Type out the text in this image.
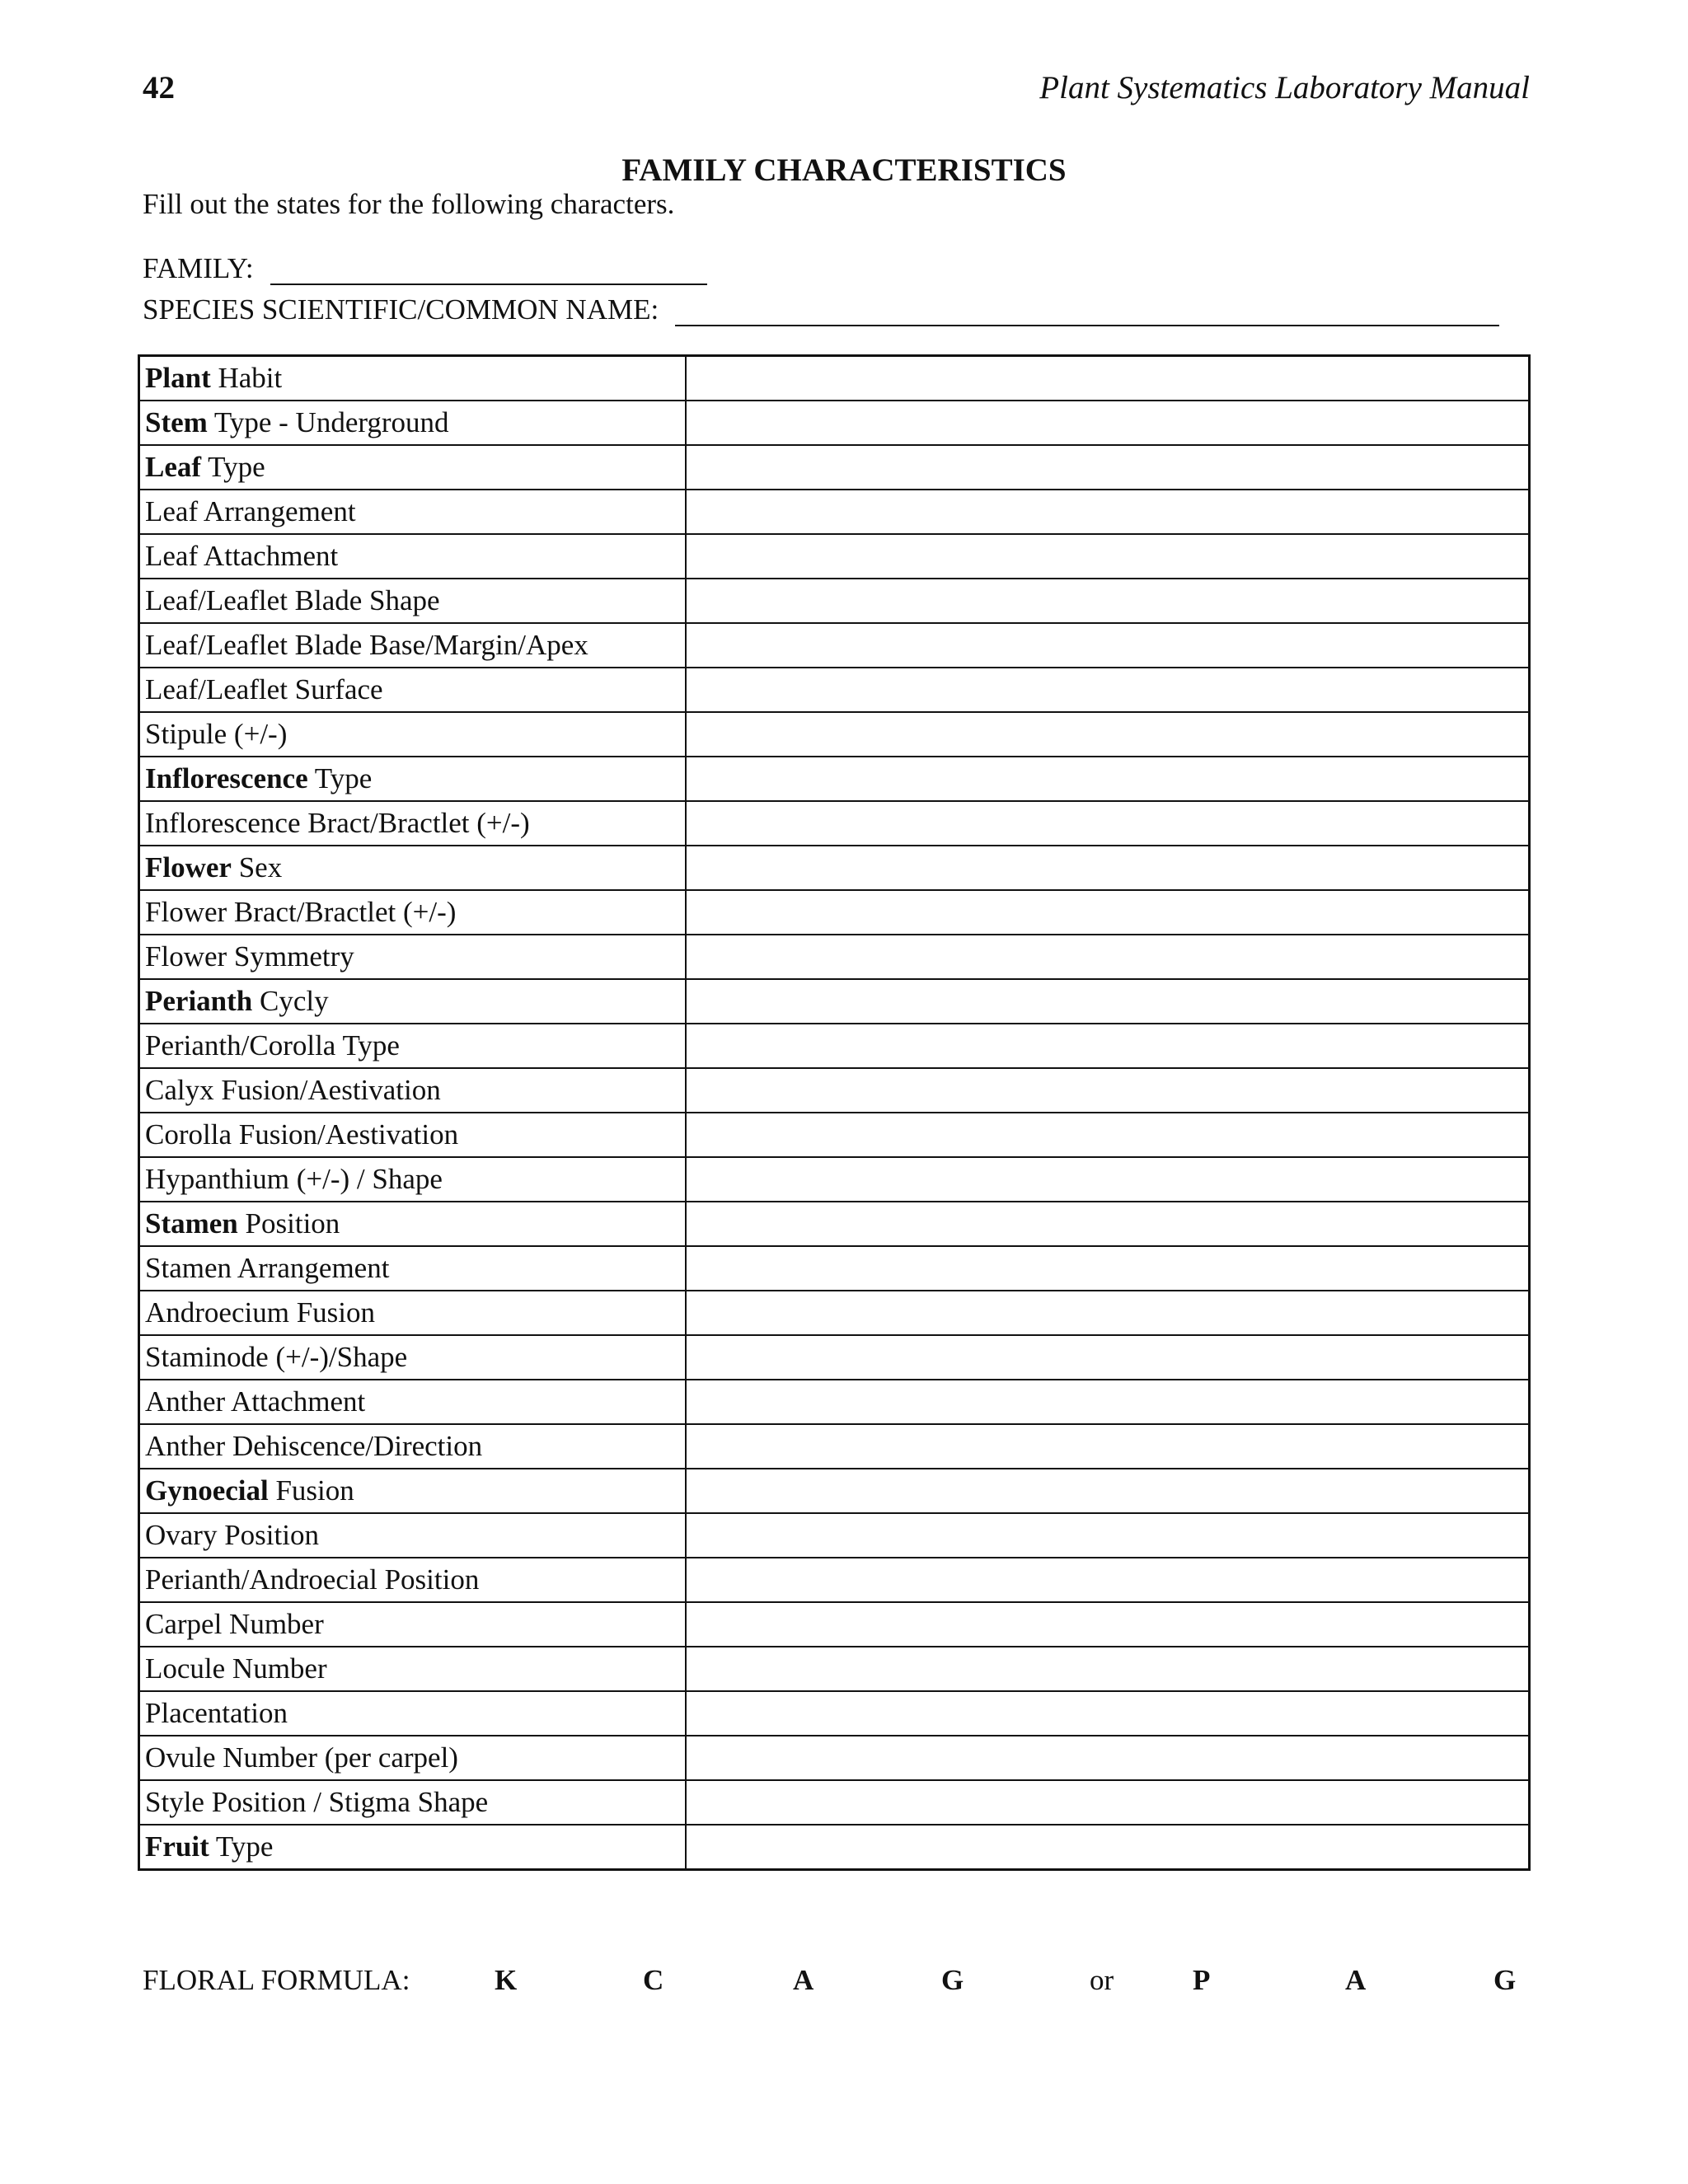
42	Plant Systematics Laboratory Manual
FAMILY CHARACTERISTICS
Fill out the states for the following characters.
FAMILY:
SPECIES SCIENTIFIC/COMMON NAME:
Plant Habit	
Stem Type - Underground	
Leaf Type	
Leaf Arrangement	
Leaf Attachment	
Leaf/Leaflet Blade Shape	
Leaf/Leaflet Blade Base/Margin/Apex	
Leaf/Leaflet Surface	
Stipule (+/-)	
Inflorescence Type	
Inflorescence Bract/Bractlet (+/-)	
Flower Sex	
Flower Bract/Bractlet (+/-)	
Flower Symmetry	
Perianth Cycly	
Perianth/Corolla Type	
Calyx Fusion/Aestivation	
Corolla Fusion/Aestivation	
Hypanthium (+/-) / Shape	
Stamen Position	
Stamen Arrangement	
Androecium Fusion	
Staminode (+/-)/Shape	
Anther Attachment	
Anther Dehiscence/Direction	
Gynoecial Fusion	
Ovary Position	
Perianth/Androecial Position	
Carpel Number	
Locule Number	
Placentation	
Ovule Number (per carpel)	
Style Position / Stigma Shape	
Fruit Type	
FLORAL FORMULA:	K	C	A	G	or	P	A	G
